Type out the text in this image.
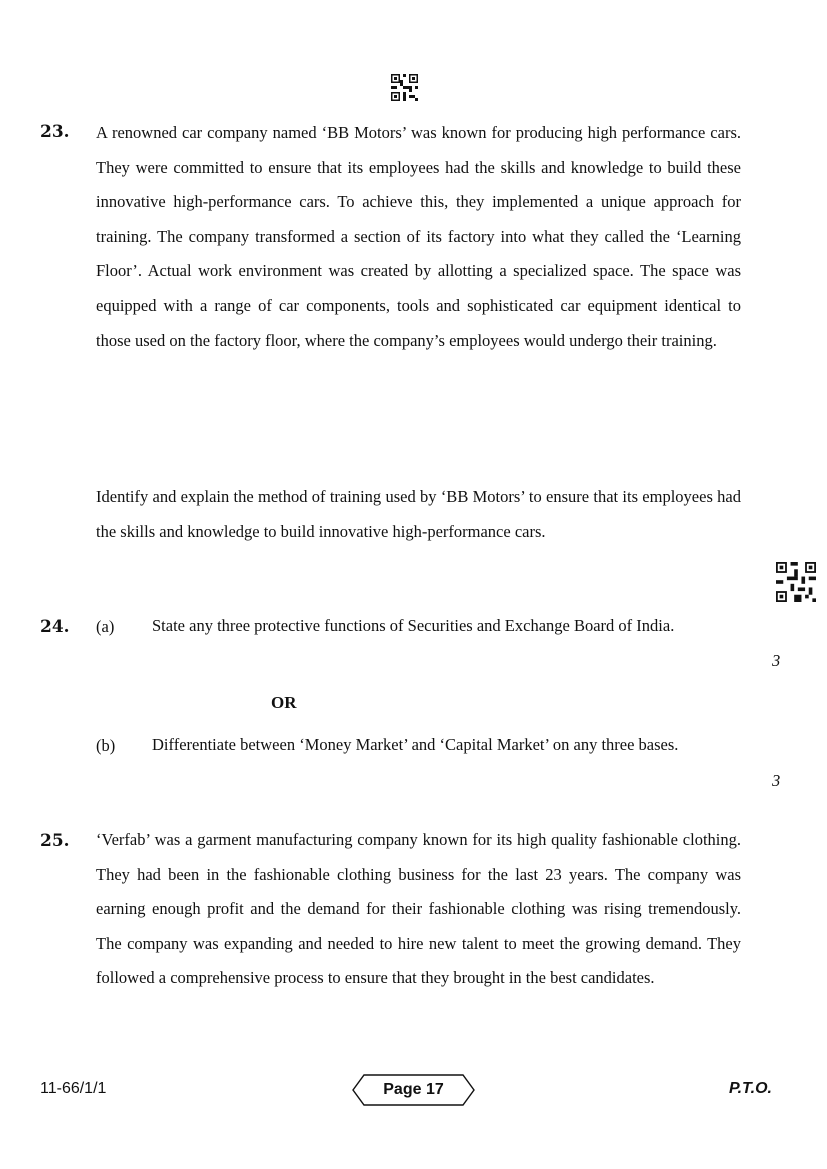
23. A renowned car company named ‘BB Motors’ was known for producing high performance cars. They were committed to ensure that its employees had the skills and knowledge to build these innovative high-performance cars. To achieve this, they implemented a unique approach for training. The company transformed a section of its factory into what they called the ‘Learning Floor’. Actual work environment was created by allotting a specialized space. The space was equipped with a range of car components, tools and sophisticated car equipment identical to those used on the factory floor, where the company’s employees would undergo their training.

Identify and explain the method of training used by ‘BB Motors’ to ensure that its employees had the skills and knowledge to build innovative high-performance cars.

24. (a) State any three protective functions of Securities and Exchange Board of India.

3
OR
(b) Differentiate between ‘Money Market’ and ‘Capital Market’ on any three bases.

3
25. ‘Verfab’ was a garment manufacturing company known for its high quality fashionable clothing. They had been in the fashionable clothing business for the last 23 years. The company was earning enough profit and the demand for their fashionable clothing was rising tremendously. The company was expanding and needed to hire new talent to meet the growing demand. They followed a comprehensive process to ensure that they brought in the best candidates.

11-66/1/1	Page 17	P.T.O.
